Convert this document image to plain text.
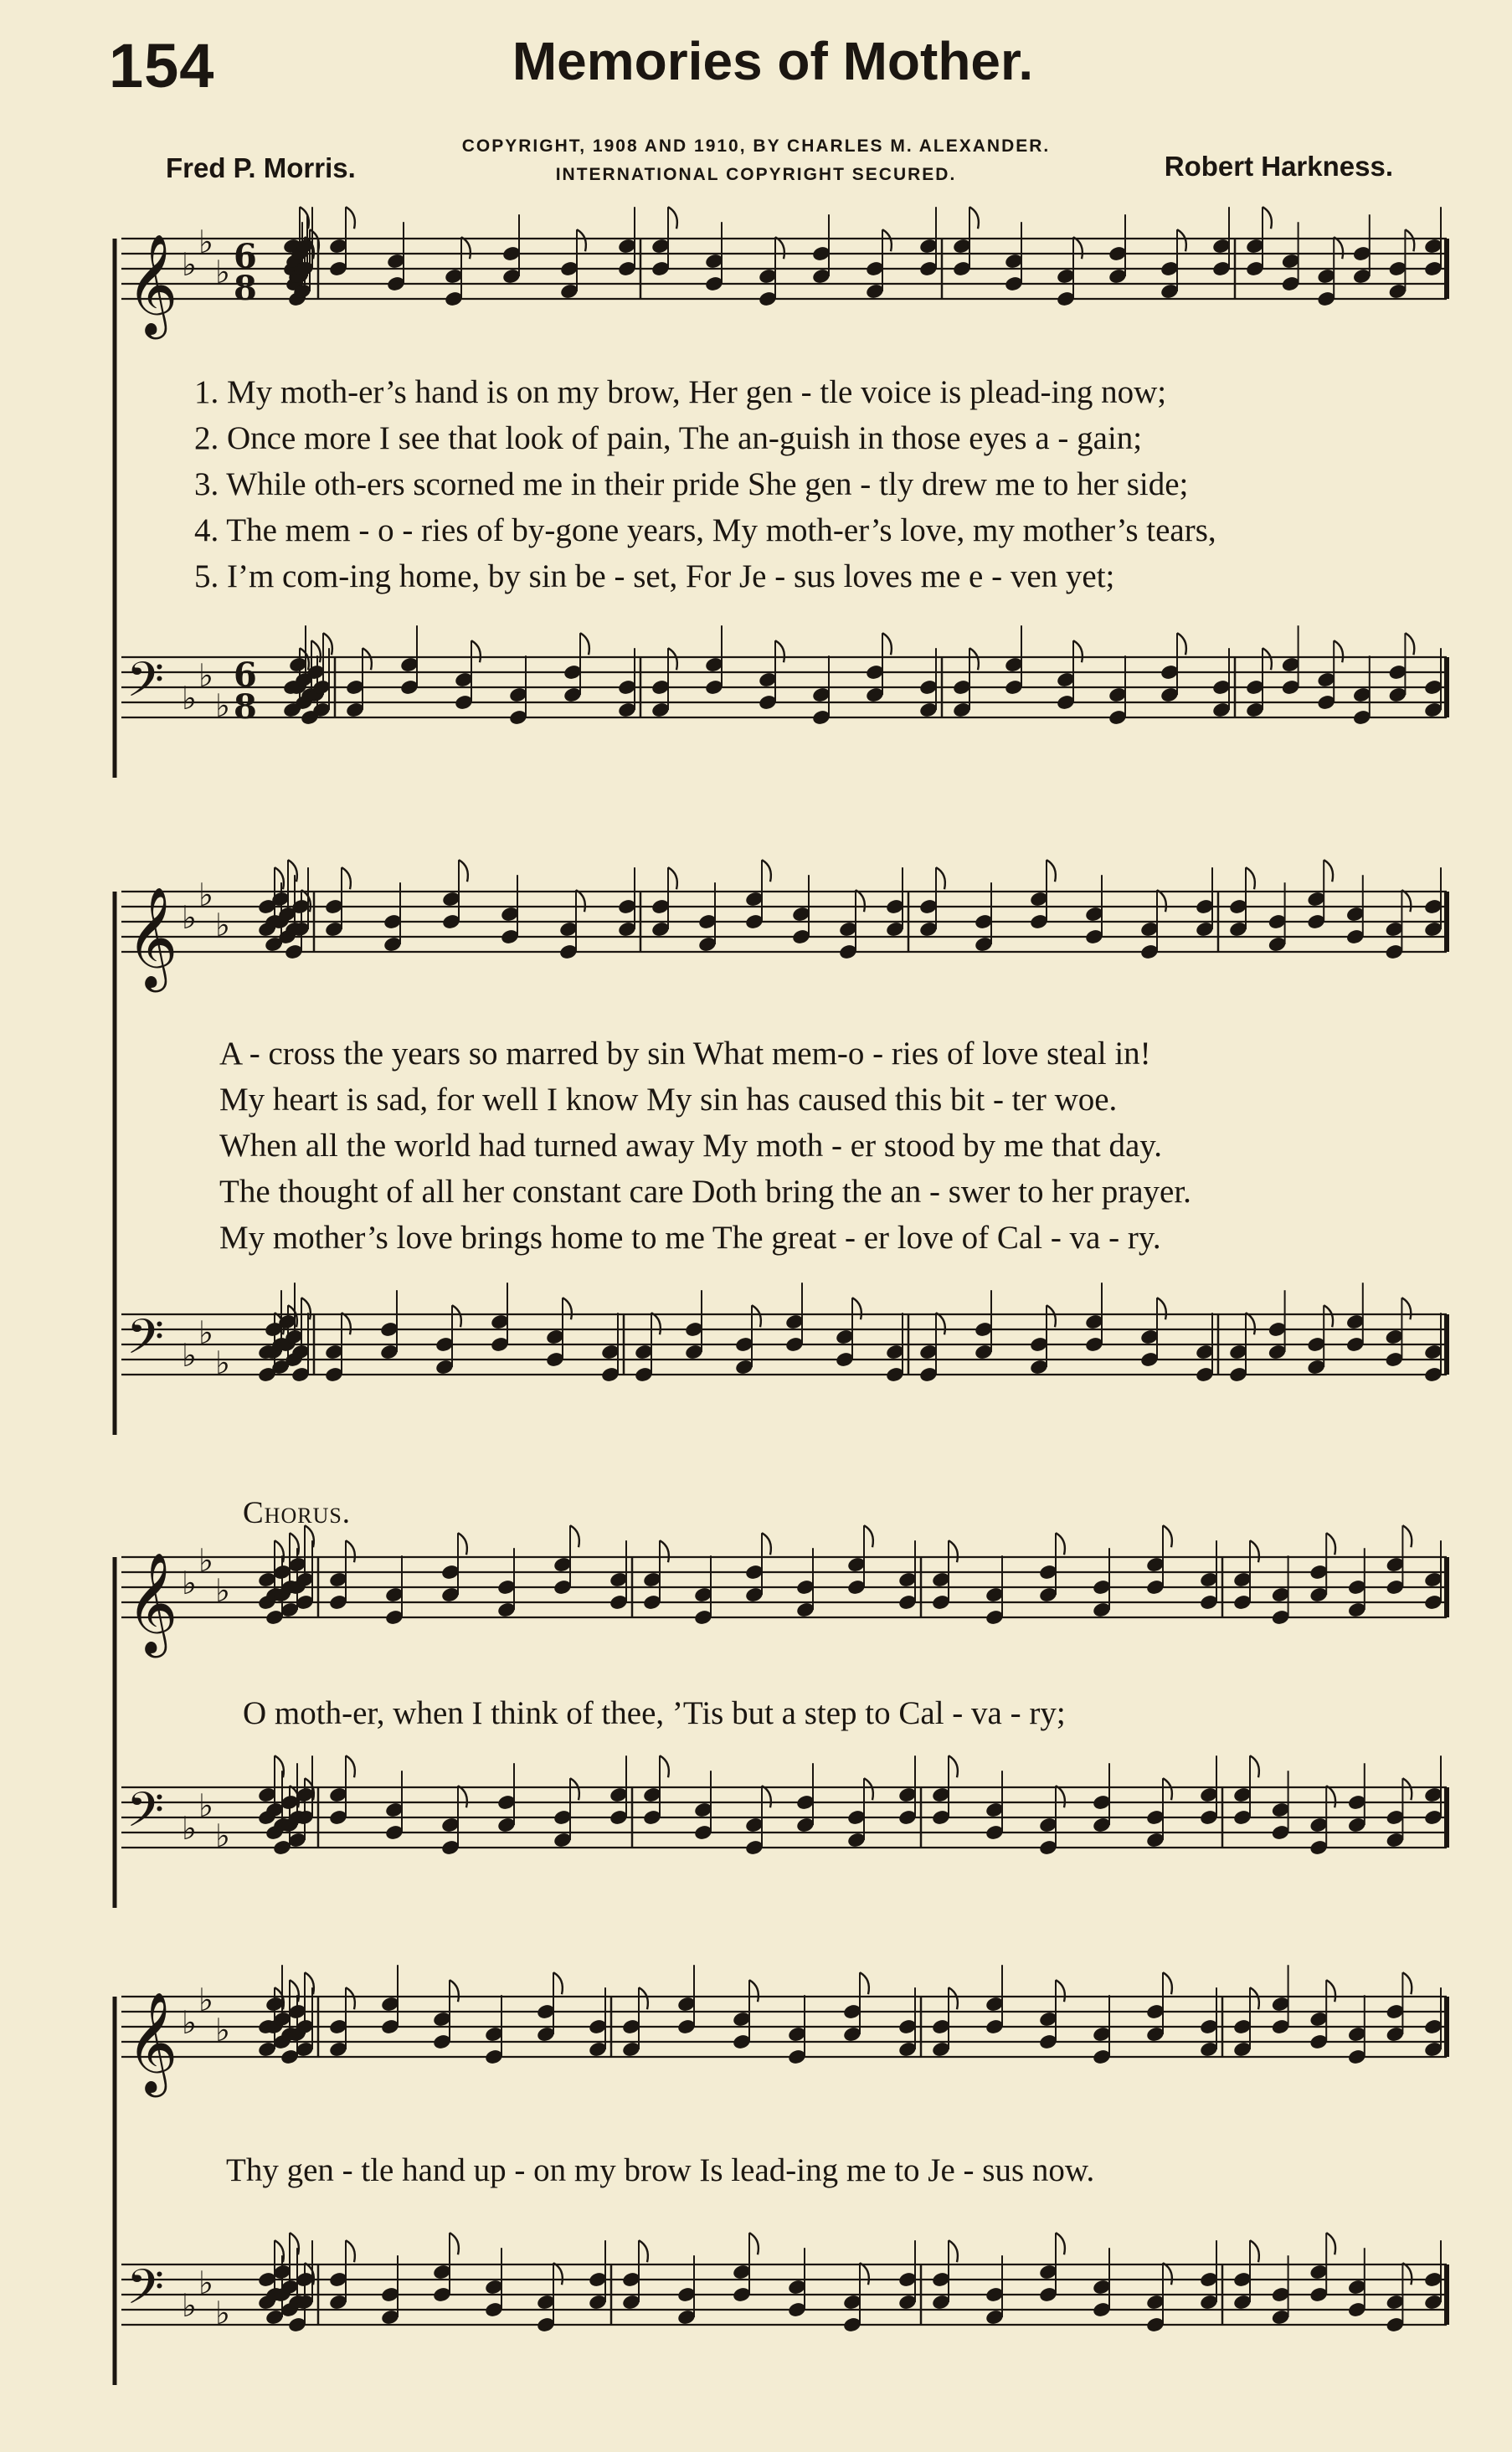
154	Memories of Mother.
COPYRIGHT, 1908 AND 1910, BY CHARLES M. ALEXANDER.
INTERNATIONAL COPYRIGHT SECURED.
Fred P. Morris.	Robert Harkness.
𝄞 ♭
♭
♭ 6
8
𝄢 ♭
♭
♭
6
8
𝄞 ♭
♭
♭
𝄢 ♭
♭
♭
𝄞 ♭
♭
♭
𝄢 ♭
♭
♭
𝄞 ♭
♭
♭
𝄢 ♭
♭
♭
1. My moth-er’s hand is on my brow, Her gen - tle voice is plead-ing now;
2. Once more I see that look of pain, The an-guish in those eyes a - gain;
3. While oth-ers scorned me in their pride She gen - tly drew me to her side;
4. The mem - o - ries of by-gone years, My moth-er’s love, my mother’s tears,
5. I’m com-ing home, by sin be - set, For Je - sus loves me e - ven yet;
A - cross the years so marred by sin What mem-o - ries of love steal in!
My heart is sad, for well I know My sin has caused this bit - ter woe.
When all the world had turned away My moth - er stood by me that day.
The thought of all her constant care Doth bring the an - swer to her prayer.
My mother’s love brings home to me The great - er love of Cal - va - ry.
Chorus.
O moth-er, when I think of thee, ’Tis but a step to Cal - va - ry;
Thy gen - tle hand up - on my brow Is lead-ing me to Je - sus now.
